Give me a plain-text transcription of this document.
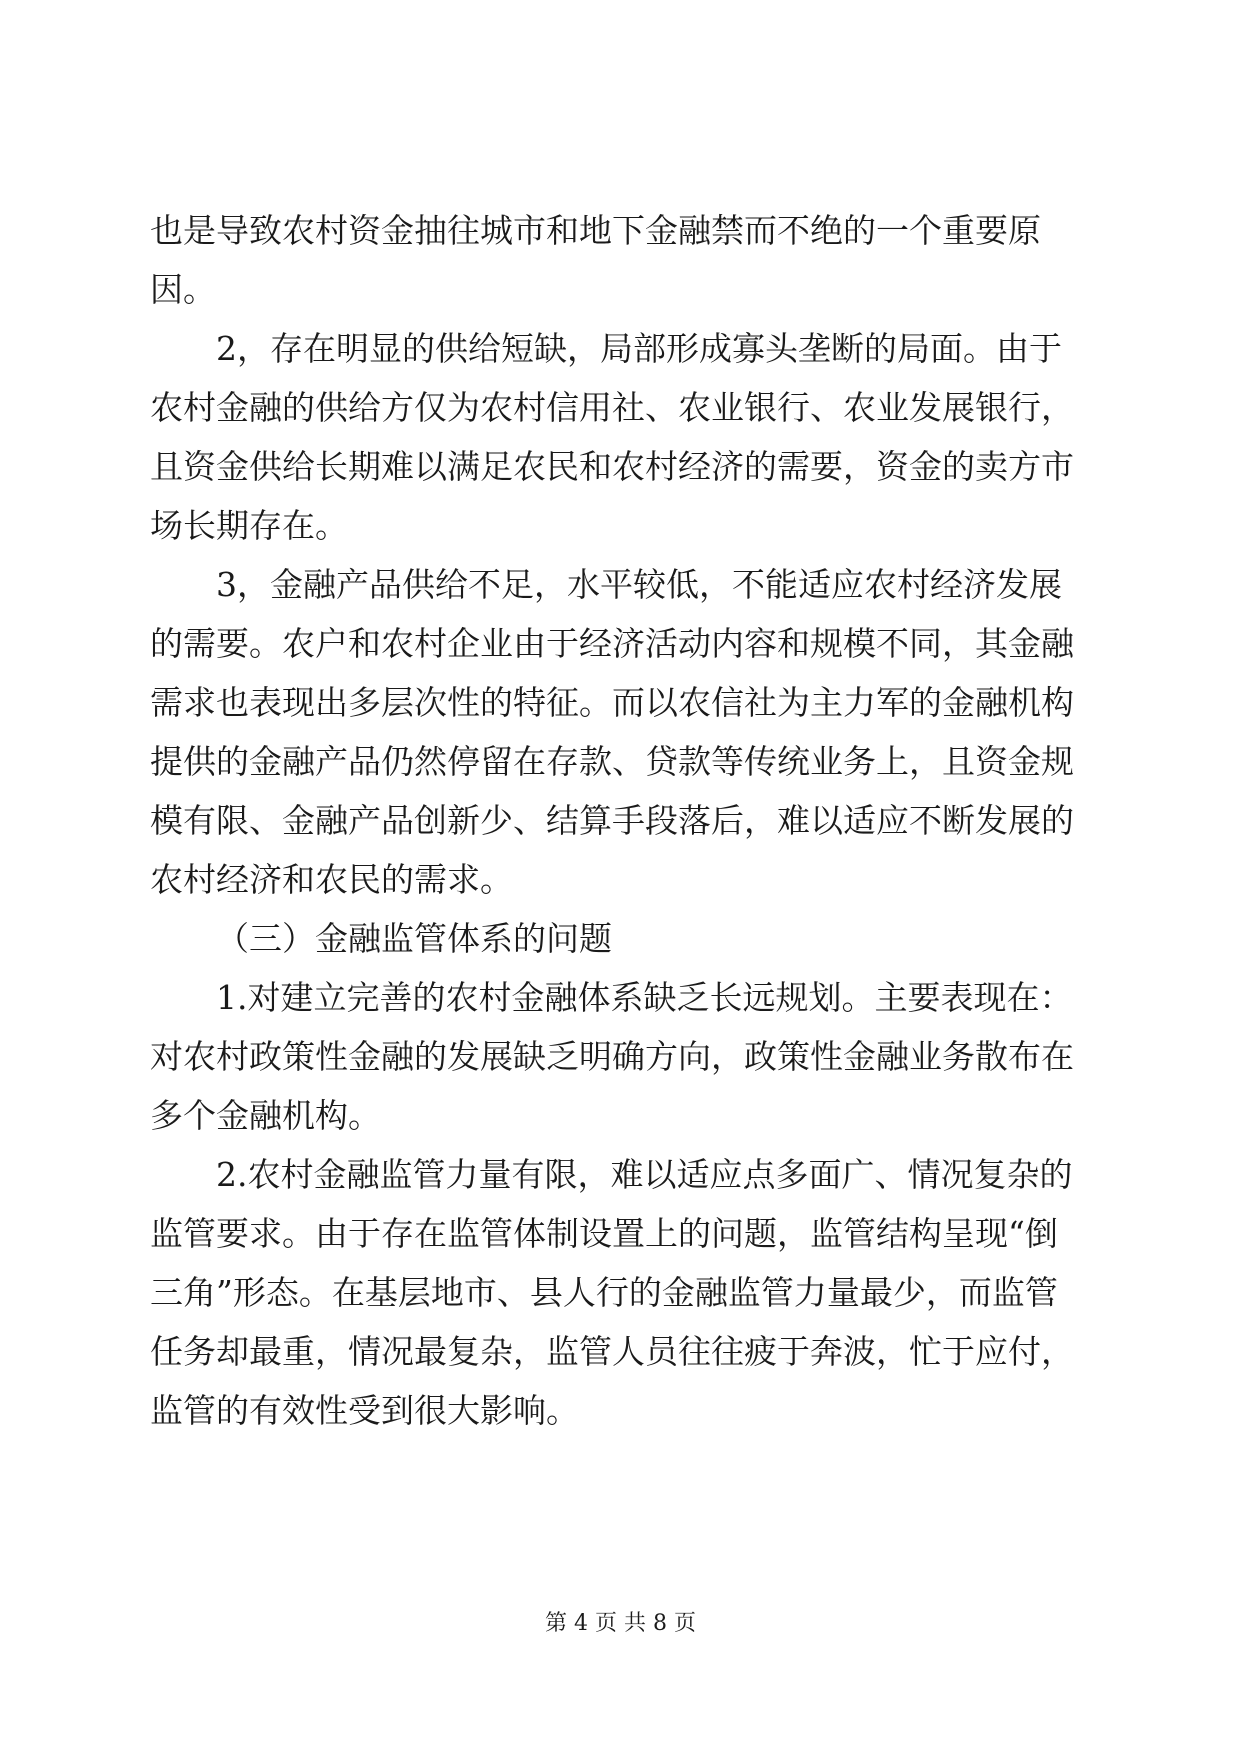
也是导致农村资金抽往城市和地下金融禁而不绝的一个重要原
因。
2，存在明显的供给短缺，局部形成寡头垄断的局面。由于
农村金融的供给方仅为农村信用社、农业银行、农业发展银行，
且资金供给长期难以满足农民和农村经济的需要，资金的卖方市
场长期存在。
3，金融产品供给不足，水平较低，不能适应农村经济发展
的需要。农户和农村企业由于经济活动内容和规模不同，其金融
需求也表现出多层次性的特征。而以农信社为主力军的金融机构
提供的金融产品仍然停留在存款、贷款等传统业务上，且资金规
模有限、金融产品创新少、结算手段落后，难以适应不断发展的
农村经济和农民的需求。
（三）金融监管体系的问题
1.对建立完善的农村金融体系缺乏长远规划。主要表现在：
对农村政策性金融的发展缺乏明确方向，政策性金融业务散布在
多个金融机构。
2.农村金融监管力量有限，难以适应点多面广、情况复杂的
监管要求。由于存在监管体制设置上的问题，监管结构呈现“倒
三角”形态。在基层地市、县人行的金融监管力量最少，而监管
任务却最重，情况最复杂，监管人员往往疲于奔波，忙于应付，
监管的有效性受到很大影响。
第 4 页 共 8 页
